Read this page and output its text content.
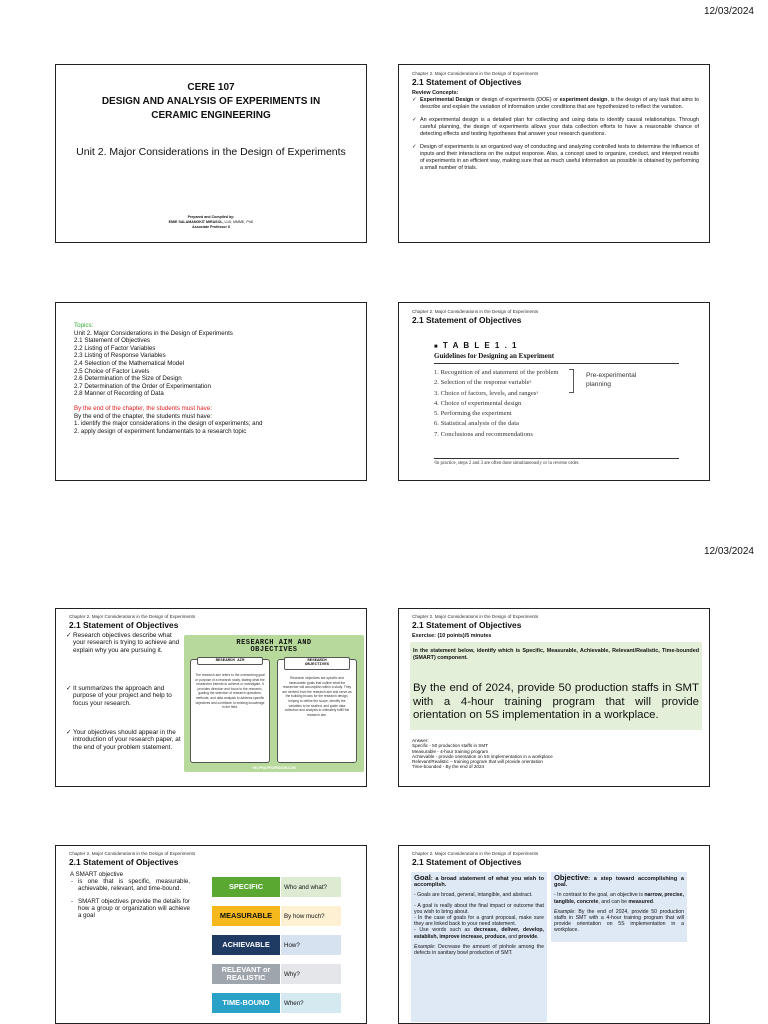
12/03/2024
12/03/2024
CERE 107
DESIGN AND ANALYSIS OF EXPERIMENTS IN
CERAMIC ENGINEERING
Unit 2. Major Considerations in the Design of Experiments
Prepared and Compiled by:
EMIE SALAMANGKIT MIRASOL, LLB, MMME, PhD
Associate Professor II
Chapter 2. Major Considerations in the Design of Experiments
2.1 Statement of Objectives
Review Concepts:
✓ Experimental Design or design of experiments (DOE) or experiment design, is the design of any task that aims to describe and explain the variation of information under conditions that are hypothesized to reflect the variation.
✓ An experimental design is a detailed plan for collecting and using data to identify causal relationships. Through careful planning, the design of experiments allows your data collection efforts to have a reasonable chance of detecting effects and testing hypotheses that answer your research questions.
✓ Design of experiments is an organized way of conducting and analyzing controlled tests to determine the influence of inputs and their interactions on the output response. Also, a concept used to organize, conduct, and interpret results of experiments in an efficient way, making sure that as much useful information as possible is obtained by performing a small number of trials.
Topics:
Unit 2. Major Considerations in the Design of Experiments
2.1 Statement of Objectives
2.2 Listing of Factor Variables
2.3 Listing of Response Variables
2.4 Selection of the Mathematical Model
2.5 Choice of Factor Levels
2.6 Determination of the Size of Design
2.7 Determination of the Order of Experimentation
2.8 Manner of Recording of Data
By the end of the chapter, the students must have:
By the end of the chapter, the students must have:
1. identify the major considerations in the design of experiments; and
2. apply design of experiment fundamentals to a research topic
Chapter 2. Major Considerations in the Design of Experiments
2.1 Statement of Objectives
■ T A B L E 1 . 1
Guidelines for Designing an Experiment
1. Recognition of and statement of the problem
2. Selection of the response variableᵃ
3. Choice of factors, levels, and rangesᵃ
4. Choice of experimental design
5. Performing the experiment
6. Statistical analysis of the data
7. Conclusions and recommendations
Pre-experimental
planning
ᵃIn practice, steps 2 and 3 are often done simultaneously or in reverse order.
Chapter 2. Major Considerations in the Design of Experiments
2.1 Statement of Objectives
✓ Research objectives describe what your research is trying to achieve and explain why you are pursuing it.
✓ It summarizes the approach and purpose of your project and help to focus your research.
✓ Your objectives should appear in the introduction of your research paper, at the end of your problem statement.
RESEARCH AIM AND
OBJECTIVES
RESEARCH AIM
The research aim refers to the overarching goal or purpose of a research study, stating what the researcher intends to achieve or investigate. It provides direction and focus to the research, guiding the selection of research questions, methods, and data analysis to address specific objectives and contribute to existing knowledge in the field.
RESEARCH
OBJECTIVES
Research objectives are specific and measurable goals that outline what the researcher will accomplish within a study. They are derived from the research aim and serve as the building blocks for the research design, helping to define the scope, identify the variables to be studied, and guide data collection and analysis to ultimately fulfill the research aim.
HELPFULPROFESSOR.COM
Chapter 2. Major Considerations in the Design of Experiments
2.1 Statement of Objectives
Exercise: (10 points)/5 minutes
In the statement below, identify which is Specific, Measurable, Achievable, Relevant/Realistic, Time-bounded (SMART) component.
By the end of 2024, provide 50 production staffs in SMT with a 4-hour training program that will provide orientation on 5S implementation in a workplace.
Answer:
Specific - 50 production staffs in SMT
Measurable - 4-hour training program
Achievable - provide orientation on 5S implementation in a workplace
Relevant/Realistic – training program that will provide orientation
Time-bounded - By the end of 2024
Chapter 2. Major Considerations in the Design of Experiments
2.1 Statement of Objectives
A SMART objective
- is one that is specific, measurable, achievable, relevant, and time-bound.
- SMART objectives provide the details for how a group or organization will achieve a goal
SPECIFIC	Who and what?
MEASURABLE	By how much?
ACHIEVABLE	How?
RELEVANT or REALISTIC	Why?
TIME-BOUND	When?
Chapter 2. Major Considerations in the Design of Experiments
2.1 Statement of Objectives

Goal: a broad statement of what you wish to accomplish.

- Goals are broad, general, intangible, and abstract.

- A goal is really about the final impact or outcome that you wish to bring about.

- In the case of goals for a grant proposal, make sure they are linked back to your need statement.

- Use words such as decrease, deliver, develop, establish, improve increase, produce, and provide.

Example: Decrease the amount of pinhole among the defects in sanitary bowl production of SMT.

Objective: a step toward accomplishing a goal.

- In contrast to the goal, an objective is narrow, precise, tangible, concrete, and can be measured.

Example: By the end of 2024, provide 50 production staffs in SMT with a 4-hour training program that will provide orientation on 5S implementation in a workplace.
